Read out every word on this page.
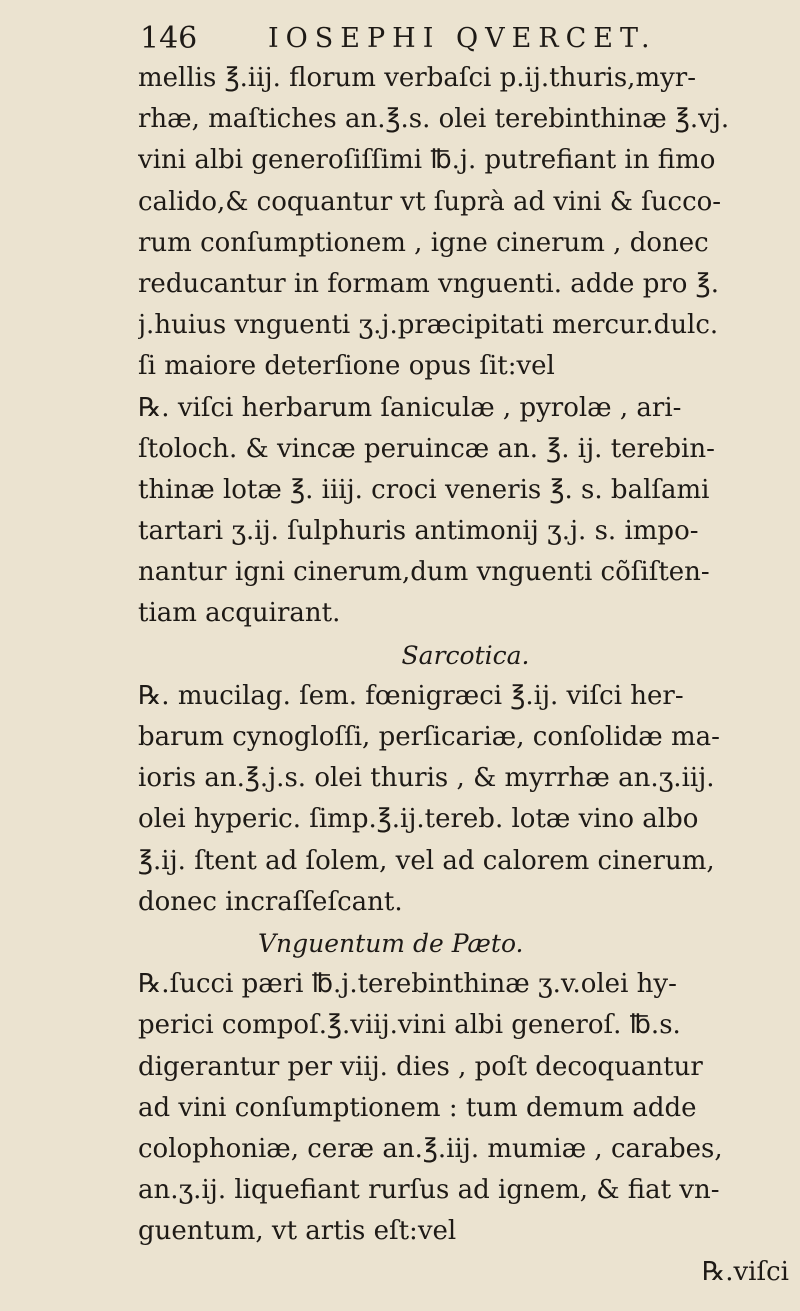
146	IOSEPHI QVERCET.
mellis ℥.iij. florum verbaſci p.ij.thuris,myr-
rhæ, maſtiches an.℥.s. olei terebinthinæ ℥.vj.
vini albi generoſiſſimi ℔.j. putrefiant in fimo
calido,& coquantur vt ſuprà ad vini & ſucco-
rum conſumptionem , igne cinerum , donec
reducantur in formam vnguenti. adde pro ℥.
j.huius vnguenti ʒ.j.præcipitati mercur.dulc.
ſi maiore deterſione opus ſit:vel
℞. viſci herbarum ſaniculæ , pyrolæ , ari-
ſtoloch. & vincæ peruincæ an. ℥. ij. terebin-
thinæ lotæ ℥. iiij. croci veneris ℥. s. balſami
tartari ʒ.ij. ſulphuris antimonij ʒ.j. s. impo-
nantur igni cinerum,dum vnguenti cõſiſten-
tiam acquirant.
Sarcotica.
℞. mucilag. ſem. fœnigræci ℥.ij. viſci her-
barum cynogloſſi, perſicariæ, conſolidæ ma-
ioris an.℥.j.s. olei thuris , & myrrhæ an.ʒ.iij.
olei hyperic. ſimp.℥.ij.tereb. lotæ vino albo
℥.ij. ſtent ad ſolem, vel ad calorem cinerum,
donec incraſſeſcant.
Vnguentum de Pæto.
℞.ſucci pæri ℔.j.terebinthinæ ʒ.v.olei hy-
perici compoſ.℥.viij.vini albi generoſ. ℔.s.
digerantur per viij. dies , poſt decoquantur
ad vini conſumptionem : tum demum adde
colophoniæ, ceræ an.℥.iij. mumiæ , carabes,
an.ʒ.ij. liquefiant rurſus ad ignem, & fiat vn-
guentum, vt artis eſt:vel
℞.viſci
